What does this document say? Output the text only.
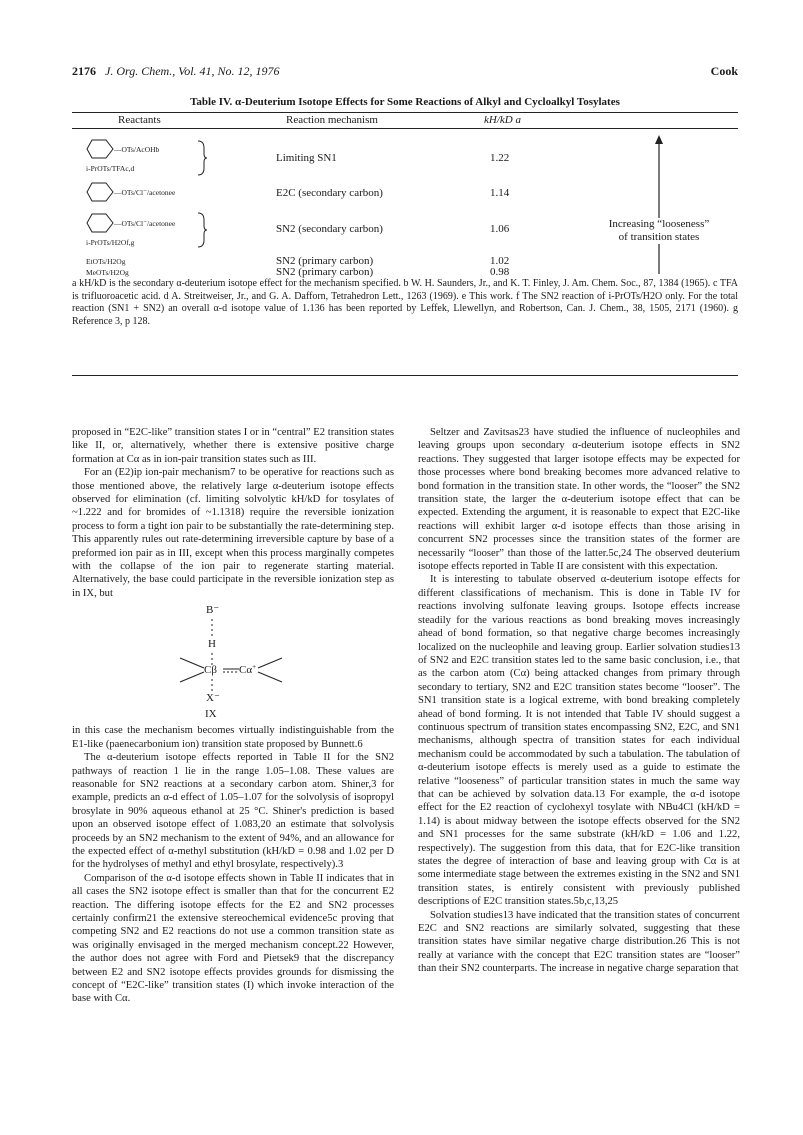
2176 J. Org. Chem., Vol. 41, No. 12, 1976	Cook
Table IV. α-Deuterium Isotope Effects for Some Reactions of Alkyl and Cycloalkyl Tosylates
Reactants	Reaction mechanism	kH/kD a
—OTs/AcOHb
i-PrOTs/TFAc,d
Limiting SN1	1.22
—OTs/Cl⁻/acetonee	E2C (secondary carbon)	1.14
—OTs/Cl⁻/acetonee
i-PrOTs/H2Of,g
SN2 (secondary carbon)	1.06
EtOTs/H2Og	SN2 (primary carbon)	1.02
MeOTs/H2Og	SN2 (primary carbon)	0.98
Increasing “looseness”
of transition states
a kH/kD is the secondary α-deuterium isotope effect for the mechanism specified. b W. H. Saunders, Jr., and K. T. Finley, J. Am. Chem. Soc., 87, 1384 (1965). c TFA is trifluoroacetic acid. d A. Streitweiser, Jr., and G. A. Dafforn, Tetrahedron Lett., 1263 (1969). e This work. f The SN2 reaction of i-PrOTs/H2O only. For the total reaction (SN1 + SN2) an overall α-d isotope value of 1.136 has been reported by Leffek, Llewellyn, and Robertson, Can. J. Chem., 38, 1505, 2171 (1960). g Reference 3, p 128.

proposed in “E2C-like” transition states I or in “central” E2 transition states like II, or, alternatively, whether there is extensive positive charge formation at Cα as in ion-pair transition states such as III.

For an (E2)ip ion-pair mechanism7 to be operative for reactions such as those mentioned above, the relatively large α-deuterium isotope effects observed for elimination (cf. limiting solvolytic kH/kD for tosylates of ~1.222 and for bromides of ~1.1318) require the reversible ionization process to form a tight ion pair to be substantially the rate-determining step. This apparently rules out rate-determining irreversible capture by base of a preformed ion pair as in III, except when this process marginally competes with the collapse of the ion pair to regenerate starting material. Alternatively, the base could participate in the reversible ionization step as in IX, but

B⁻
H
Cβ Cα +
X⁻
IX

in this case the mechanism becomes virtually indistinguishable from the E1-like (paenecarbonium ion) transition state proposed by Bunnett.6

The α-deuterium isotope effects reported in Table II for the SN2 pathways of reaction 1 lie in the range 1.05–1.08. These values are reasonable for SN2 reactions at a secondary carbon atom. Shiner,3 for example, predicts an α-d effect of 1.05–1.07 for the solvolysis of isopropyl brosylate in 90% aqueous ethanol at 25 °C. Shiner's prediction is based upon an observed isotope effect of 1.083,20 an estimate that solvolysis proceeds by an SN2 mechanism to the extent of 94%, and an allowance for the expected effect of α-methyl substitution (kH/kD = 0.98 and 1.02 per D for the hydrolyses of methyl and ethyl brosylate, respectively).3

Comparison of the α-d isotope effects shown in Table II indicates that in all cases the SN2 isotope effect is smaller than that for the concurrent E2 reaction. The differing isotope effects for the E2 and SN2 processes certainly confirm21 the extensive stereochemical evidence5c proving that competing SN2 and E2 reactions do not use a common transition state as was originally envisaged in the merged mechanism concept.22 However, the author does not agree with Ford and Pietsek9 that the discrepancy between E2 and SN2 isotope effects provides grounds for dismissing the concept of “E2C-like” transition states (I) which invoke interaction of the base with Cα.

Seltzer and Zavitsas23 have studied the influence of nucleophiles and leaving groups upon secondary α-deuterium isotope effects in SN2 reactions. They suggested that larger isotope effects may be expected for those processes where bond breaking becomes more advanced relative to bond formation in the transition state. In other words, the “looser” the SN2 transition state, the larger the α-deuterium isotope effect that can be expected. Extending the argument, it is reasonable to expect that E2C-like reactions will exhibit larger α-d isotope effects than those arising in concurrent SN2 processes since the transition states of the former are necessarily “looser” than those of the latter.5c,24 The observed deuterium isotope effects reported in Table II are consistent with this expectation.

It is interesting to tabulate observed α-deuterium isotope effects for different classifications of mechanism. This is done in Table IV for reactions involving sulfonate leaving groups. Isotope effects increase steadily for the various reactions as bond breaking moves increasingly ahead of bond formation, so that negative charge becomes increasingly localized on the nucleophile and leaving group. Earlier solvation studies13 of SN2 and E2C transition states led to the same basic conclusion, i.e., that as the carbon atom (Cα) being attacked changes from primary through secondary to tertiary, SN2 and E2C transition states become “looser”. The SN1 transition state is a logical extreme, with bond breaking completely ahead of bond forming. It is not intended that Table IV should suggest a continuous spectrum of transition states encompassing SN2, E2C, and SN1 mechanisms, although spectra of transition states for each individual mechanism could be accommodated by such a tabulation. The tabulation of α-deuterium isotope effects is merely used as a guide to estimate the relative “looseness” of particular transition states in much the same way that can be achieved by solvation data.13 For example, the α-d isotope effect for the E2 reaction of cyclohexyl tosylate with NBu4Cl (kH/kD = 1.14) is about midway between the isotope effects observed for the SN2 and SN1 processes for the same substrate (kH/kD = 1.06 and 1.22, respectively). The suggestion from this data, that for E2C-like transition states the degree of interaction of base and leaving group with Cα is at some intermediate stage between the extremes existing in the SN2 and SN1 transition states, is entirely consistent with previously published descriptions of E2C transition states.5b,c,13,25

Solvation studies13 have indicated that the transition states of concurrent E2C and SN2 reactions are similarly solvated, suggesting that these transition states have similar negative charge distribution.26 This is not really at variance with the concept that E2C transition states are “looser” than their SN2 counterparts. The increase in negative charge separation that
